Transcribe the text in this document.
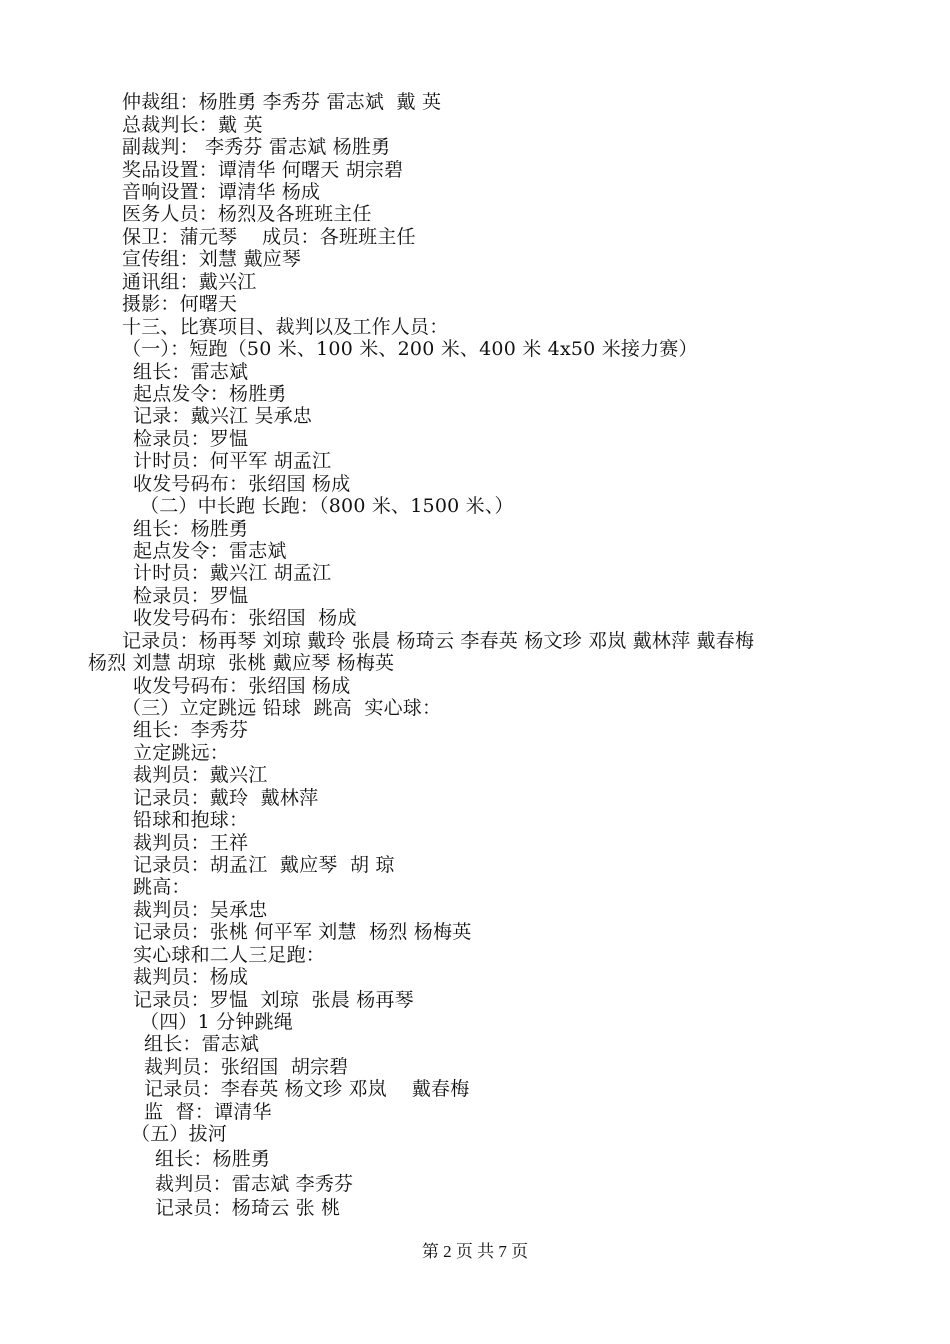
仲裁组：杨胜勇 李秀芬 雷志斌  戴 英
总裁判长：戴 英
副裁判： 李秀芬 雷志斌 杨胜勇
奖品设置：谭清华 何曙天 胡宗碧
音响设置：谭清华 杨成
医务人员：杨烈及各班班主任
保卫：蒲元琴    成员：各班班主任
宣传组：刘慧 戴应琴
通讯组：戴兴江
摄影：何曙天
十三、比赛项目、裁判以及工作人员：
（一）：短跑（50 米、100 米、200 米、400 米 4x50 米接力赛）
组长：雷志斌
起点发令：杨胜勇
记录：戴兴江 吴承忠
检录员：罗愠
计时员：何平军 胡孟江
收发号码布：张绍国 杨成
（二）中长跑 长跑：（800 米、1500 米、）
组长：杨胜勇
起点发令：雷志斌
计时员：戴兴江 胡孟江
检录员：罗愠
收发号码布：张绍国  杨成
记录员：杨再琴 刘琼 戴玲 张晨 杨琦云 李春英 杨文珍 邓岚 戴林萍 戴春梅
杨烈 刘慧 胡琼  张桃 戴应琴 杨梅英
收发号码布：张绍国 杨成
（三）立定跳远 铅球  跳高  实心球：
组长：李秀芬
立定跳远：
裁判员：戴兴江
记录员：戴玲  戴林萍
铅球和抱球：
裁判员：王祥
记录员：胡孟江  戴应琴  胡 琼
跳高：
裁判员：吴承忠
记录员：张桃 何平军 刘慧  杨烈 杨梅英
实心球和二人三足跑：
裁判员：杨成
记录员：罗愠  刘琼  张晨 杨再琴
（四）1 分钟跳绳
组长：雷志斌
裁判员：张绍国  胡宗碧
记录员：李春英 杨文珍 邓岚    戴春梅
监  督：谭清华
（五）拔河
组长：杨胜勇
裁判员：雷志斌 李秀芬
记录员：杨琦云 张 桃
第 2 页 共 7 页
